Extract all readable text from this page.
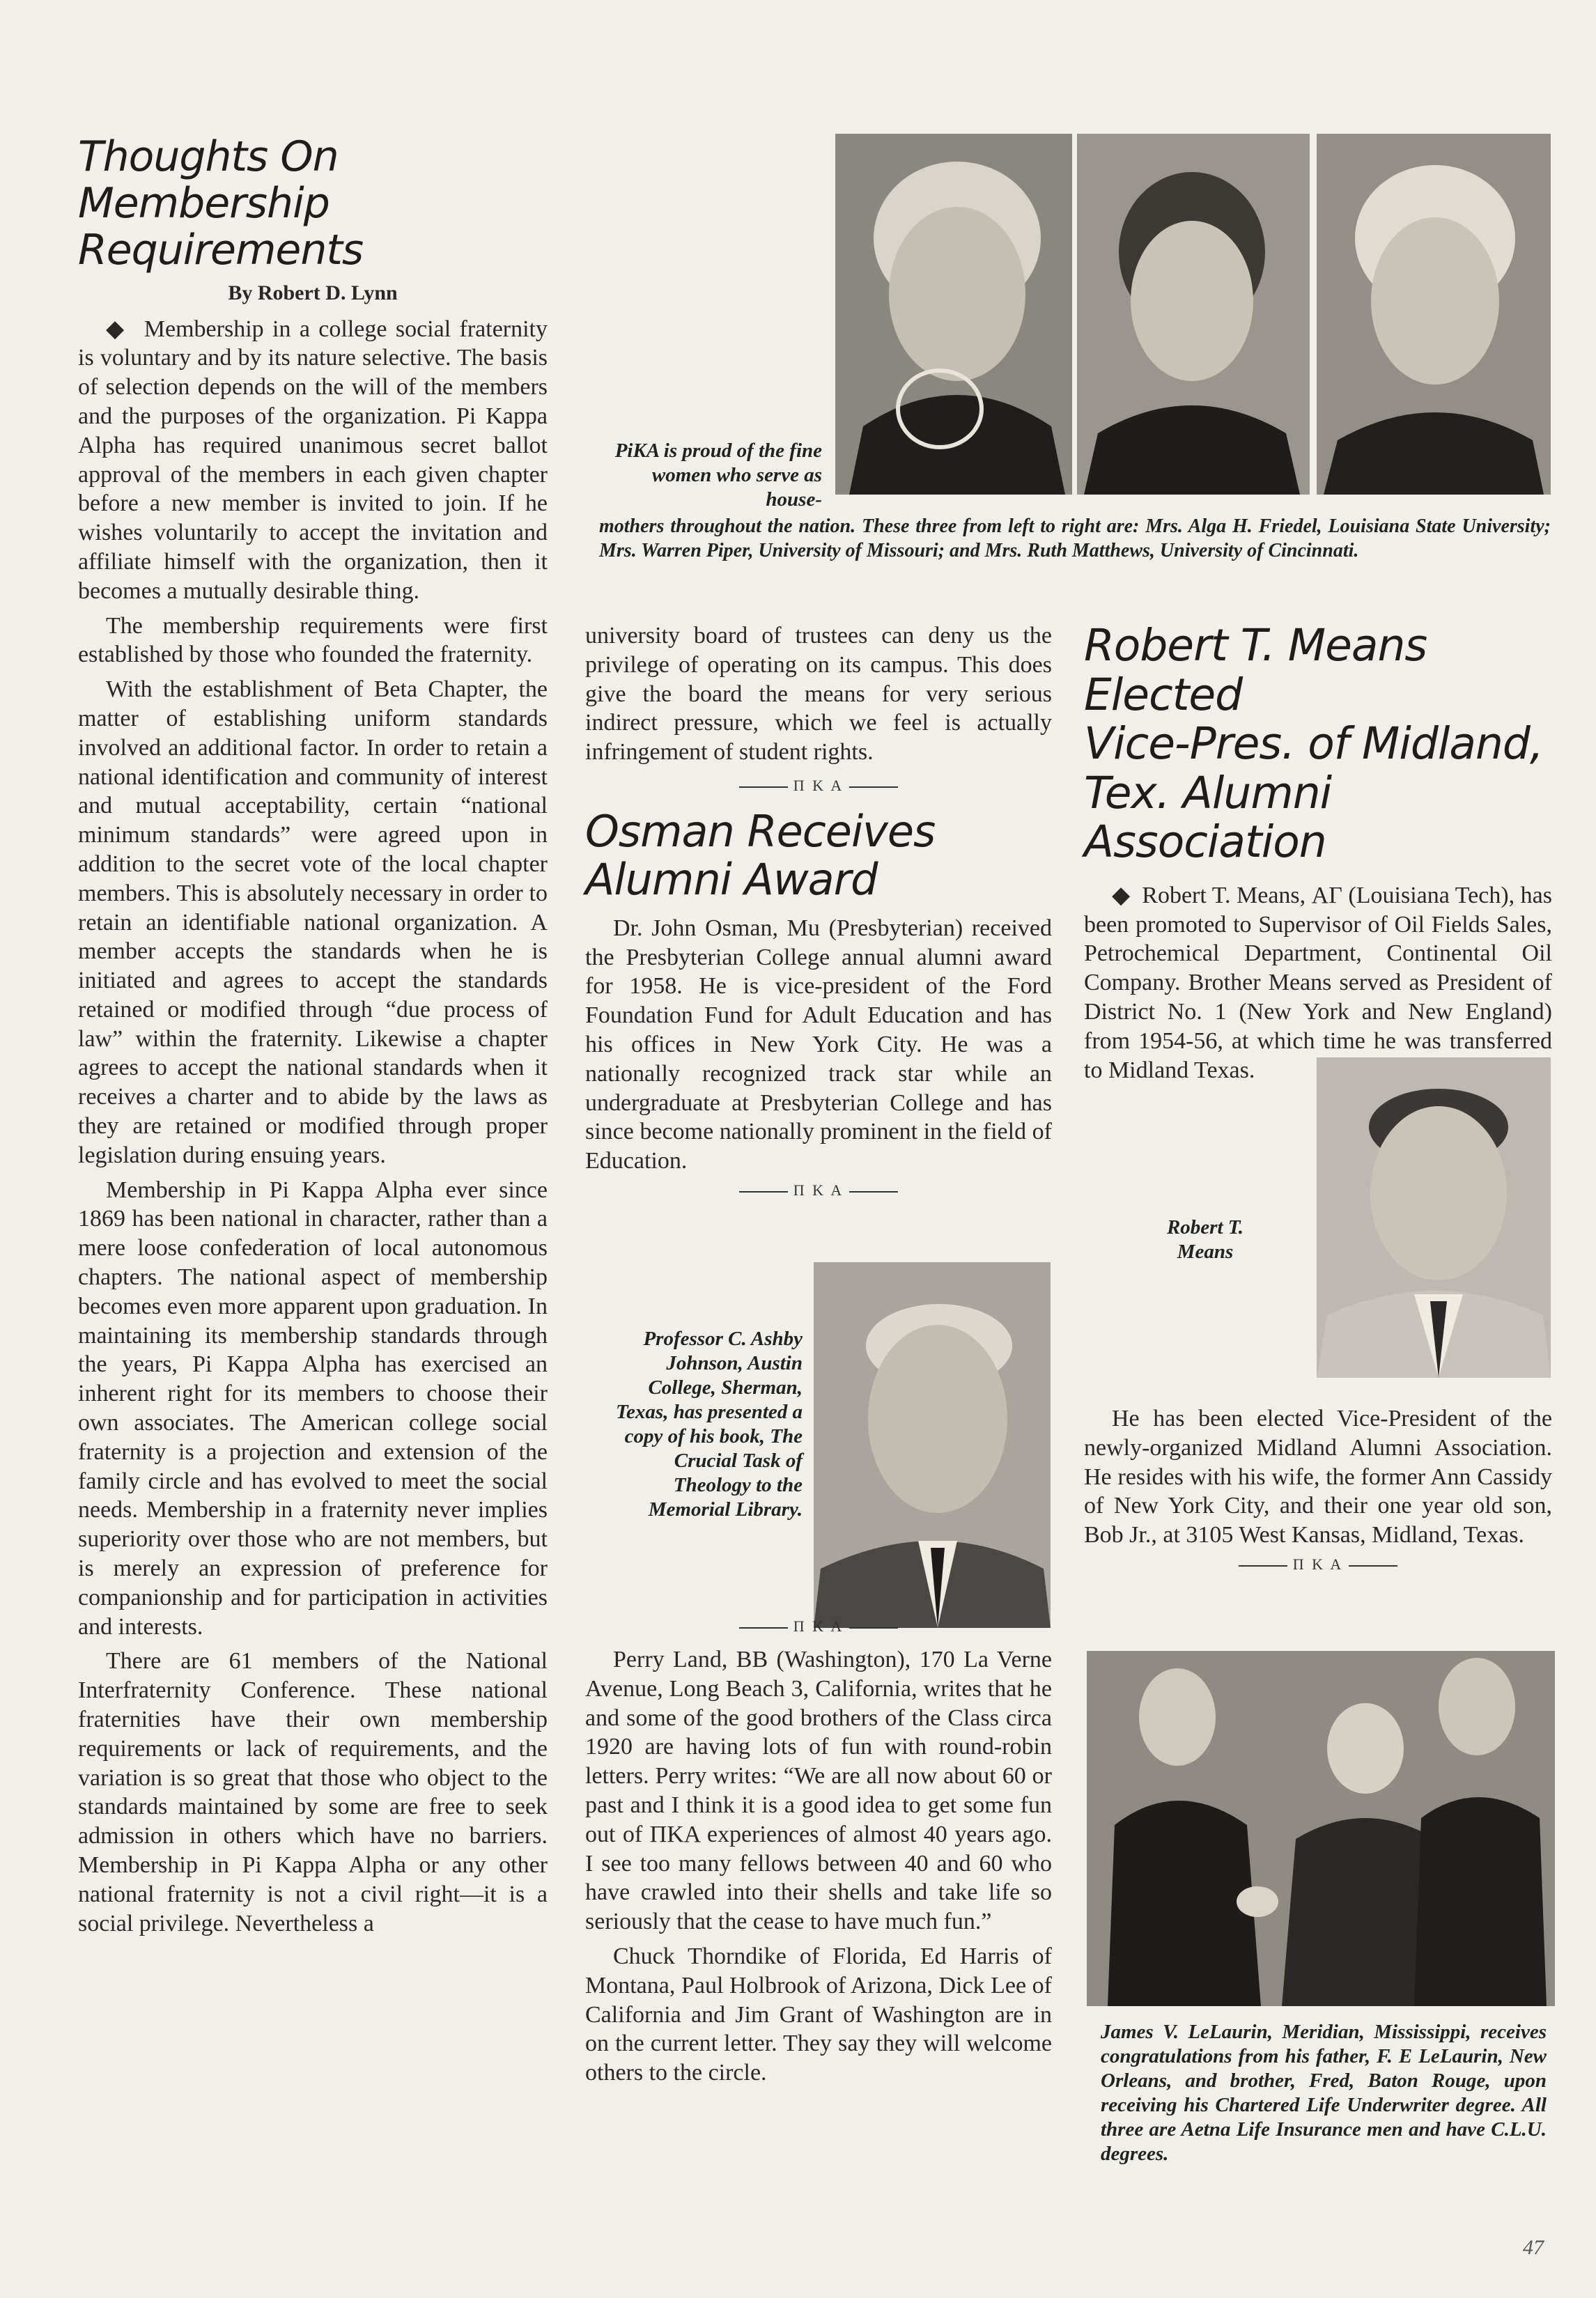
Thoughts On
Membership
Requirements
By Robert D. Lynn

◆ Membership in a college social fraternity is voluntary and by its nature selective. The basis of selection depends on the will of the members and the purposes of the organization. Pi Kappa Alpha has required unanimous secret ballot approval of the members in each given chapter before a new member is invited to join. If he wishes voluntarily to accept the invitation and affiliate himself with the organization, then it becomes a mutually desirable thing.

The membership requirements were first established by those who founded the fraternity.

With the establishment of Beta Chapter, the matter of establishing uniform standards involved an additional factor. In order to retain a national identification and community of interest and mutual acceptability, certain “national minimum standards” were agreed upon in addition to the secret vote of the local chapter members. This is absolutely necessary in order to retain an identifiable national organization. A member accepts the standards when he is initiated and agrees to accept the standards retained or modified through “due process of law” within the fraternity. Likewise a chapter agrees to accept the national standards when it receives a charter and to abide by the laws as they are retained or modified through proper legislation during ensuing years.

Membership in Pi Kappa Alpha ever since 1869 has been national in character, rather than a mere loose confederation of local autonomous chapters. The national aspect of membership becomes even more apparent upon graduation. In maintaining its membership standards through the years, Pi Kappa Alpha has exercised an inherent right for its members to choose their own associates. The American college social fraternity is a projection and extension of the family circle and has evolved to meet the social needs. Membership in a fraternity never implies superiority over those who are not members, but is merely an expression of preference for companionship and for participation in activities and interests.

There are 61 members of the National Interfraternity Conference. These national fraternities have their own membership requirements or lack of requirements, and the variation is so great that those who object to the standards maintained by some are free to seek admission in others which have no barriers. Membership in Pi Kappa Alpha or any other national fraternity is not a civil right—it is a social privilege. Nevertheless a

PiKA is proud of the fine women who serve as house-
mothers throughout the nation. These three from left to right are: Mrs. Alga H. Friedel, Louisiana State University; Mrs. Warren Piper, University of Missouri; and Mrs. Ruth Matthews, University of Cincinnati.

university board of trustees can deny us the privilege of operating on its campus. This does give the board the means for very serious indirect pressure, which we feel is actually infringement of student rights.

Π Κ Α
Osman Receives
Alumni Award

Dr. John Osman, Mu (Presbyterian) received the Presbyterian College annual alumni award for 1958. He is vice-president of the Ford Foundation Fund for Adult Education and has his offices in New York City. He was a nationally recognized track star while an undergraduate at Presbyterian College and has since become nationally prominent in the field of Education.

Π Κ Α
Professor C. Ashby Johnson, Austin College, Sherman, Texas, has presented a copy of his book, The Crucial Task of Theology to the Memorial Library.
Π Κ Α

Perry Land, BB (Washington), 170 La Verne Avenue, Long Beach 3, California, writes that he and some of the good brothers of the Class circa 1920 are having lots of fun with round-robin letters. Perry writes: “We are all now about 60 or past and I think it is a good idea to get some fun out of ΠΚΑ experiences of almost 40 years ago. I see too many fellows between 40 and 60 who have crawled into their shells and take life so seriously that the cease to have much fun.”

Chuck Thorndike of Florida, Ed Harris of Montana, Paul Holbrook of Arizona, Dick Lee of California and Jim Grant of Washington are in on the current letter. They say they will welcome others to the circle.

Robert T. Means Elected
Vice-Pres. of Midland,
Tex. Alumni Association

◆ Robert T. Means, ΑΓ (Louisiana Tech), has been promoted to Supervisor of Oil Fields Sales, Petrochemical Department, Continental Oil Company. Brother Means served as President of District No. 1 (New York and New England) from 1954-56, at which time he was transferred to Midland Texas.

Robert T. Means

He has been elected Vice-President of the newly-organized Midland Alumni Association. He resides with his wife, the former Ann Cassidy of New York City, and their one year old son, Bob Jr., at 3105 West Kansas, Midland, Texas.

Π Κ Α
James V. LeLaurin, Meridian, Mississippi, receives congratulations from his father, F. E LeLaurin, New Orleans, and brother, Fred, Baton Rouge, upon receiving his Chartered Life Underwriter degree. All three are Aetna Life Insurance men and have C.L.U. degrees.
47
